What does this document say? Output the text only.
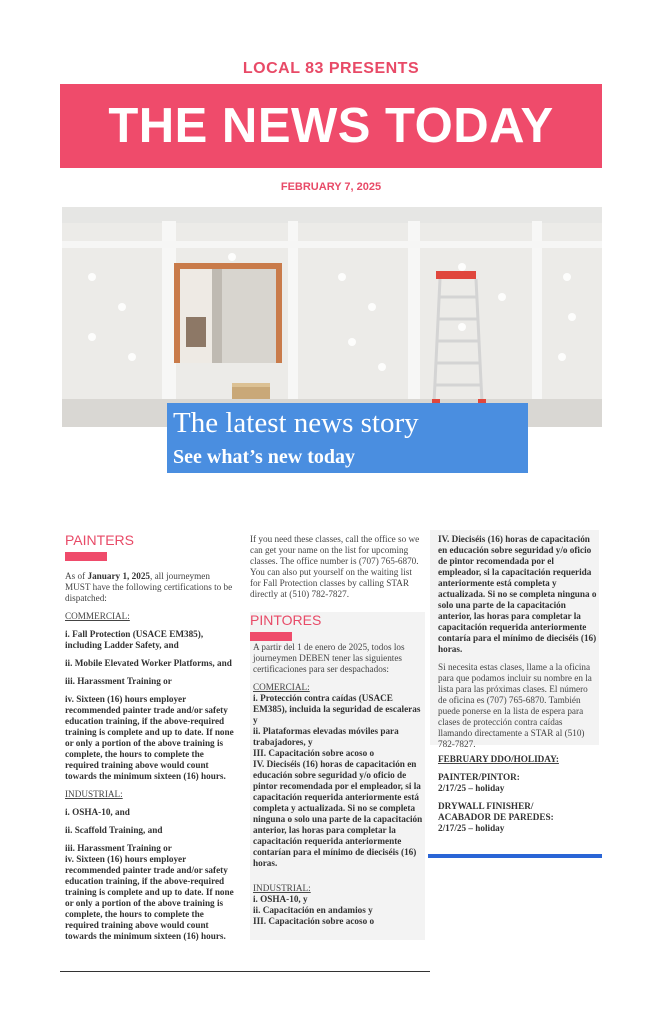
LOCAL 83 PRESENTS
THE NEWS TODAY
FEBRUARY 7, 2025
The latest news story
See what’s new today
PAINTERS

As of January 1, 2025, all journeymen MUST have the following certifications to be dispatched:

COMMERCIAL:

i. Fall Protection (USACE EM385), including Ladder Safety, and

ii. Mobile Elevated Worker Platforms, and

iii. Harassment Training or

iv. Sixteen (16) hours employer recommended painter trade and/or safety education training, if the above-required training is complete and up to date. If none or only a portion of the above training is complete, the hours to complete the required training above would count towards the minimum sixteen (16) hours.

INDUSTRIAL:

i. OSHA-10, and

ii. Scaffold Training, and

iii. Harassment Training or
iv. Sixteen (16) hours employer recommended painter trade and/or safety education training, if the above-required training is complete and up to date. If none or only a portion of the above training is complete, the hours to complete the required training above would count towards the minimum sixteen (16) hours.

If you need these classes, call the office so we can get your name on the list for upcoming classes. The office number is (707) 765-6870. You can also put yourself on the waiting list for Fall Protection classes by calling STAR directly at (510) 782-7827.

PINTORES

A partir del 1 de enero de 2025, todos los journeymen DEBEN tener las siguientes certificaciones para ser despachados:

COMERCIAL:
i. Protección contra caídas (USACE EM385), incluida la seguridad de escaleras y
ii. Plataformas elevadas móviles para trabajadores, y
III. Capacitación sobre acoso o

IV. Dieciséis (16) horas de capacitación en educación sobre seguridad y/o oficio de pintor recomendada por el empleador, si la capacitación requerida anteriormente está completa y actualizada. Si no se completa ninguna o solo una parte de la capacitación anterior, las horas para completar la capacitación requerida anteriormente contarían para el mínimo de dieciséis (16) horas.

INDUSTRIAL:
i. OSHA-10, y
ii. Capacitación en andamios y
III. Capacitación sobre acoso o

IV. Dieciséis (16) horas de capacitación en educación sobre seguridad y/o oficio de pintor recomendada por el empleador, si la capacitación requerida anteriormente está completa y actualizada. Si no se completa ninguna o solo una parte de la capacitación anterior, las horas para completar la capacitación requerida anteriormente contaría para el mínimo de dieciséis (16) horas.

Si necesita estas clases, llame a la oficina para que podamos incluir su nombre en la lista para las próximas clases. El número de oficina es (707) 765-6870. También puede ponerse en la lista de espera para clases de protección contra caídas llamando directamente a STAR al (510) 782-7827.

FEBRUARY DDO/HOLIDAY:

PAINTER/PINTOR:

2/17/25 – holiday

DRYWALL FINISHER/
ACABADOR DE PAREDES:
2/17/25 – holiday
